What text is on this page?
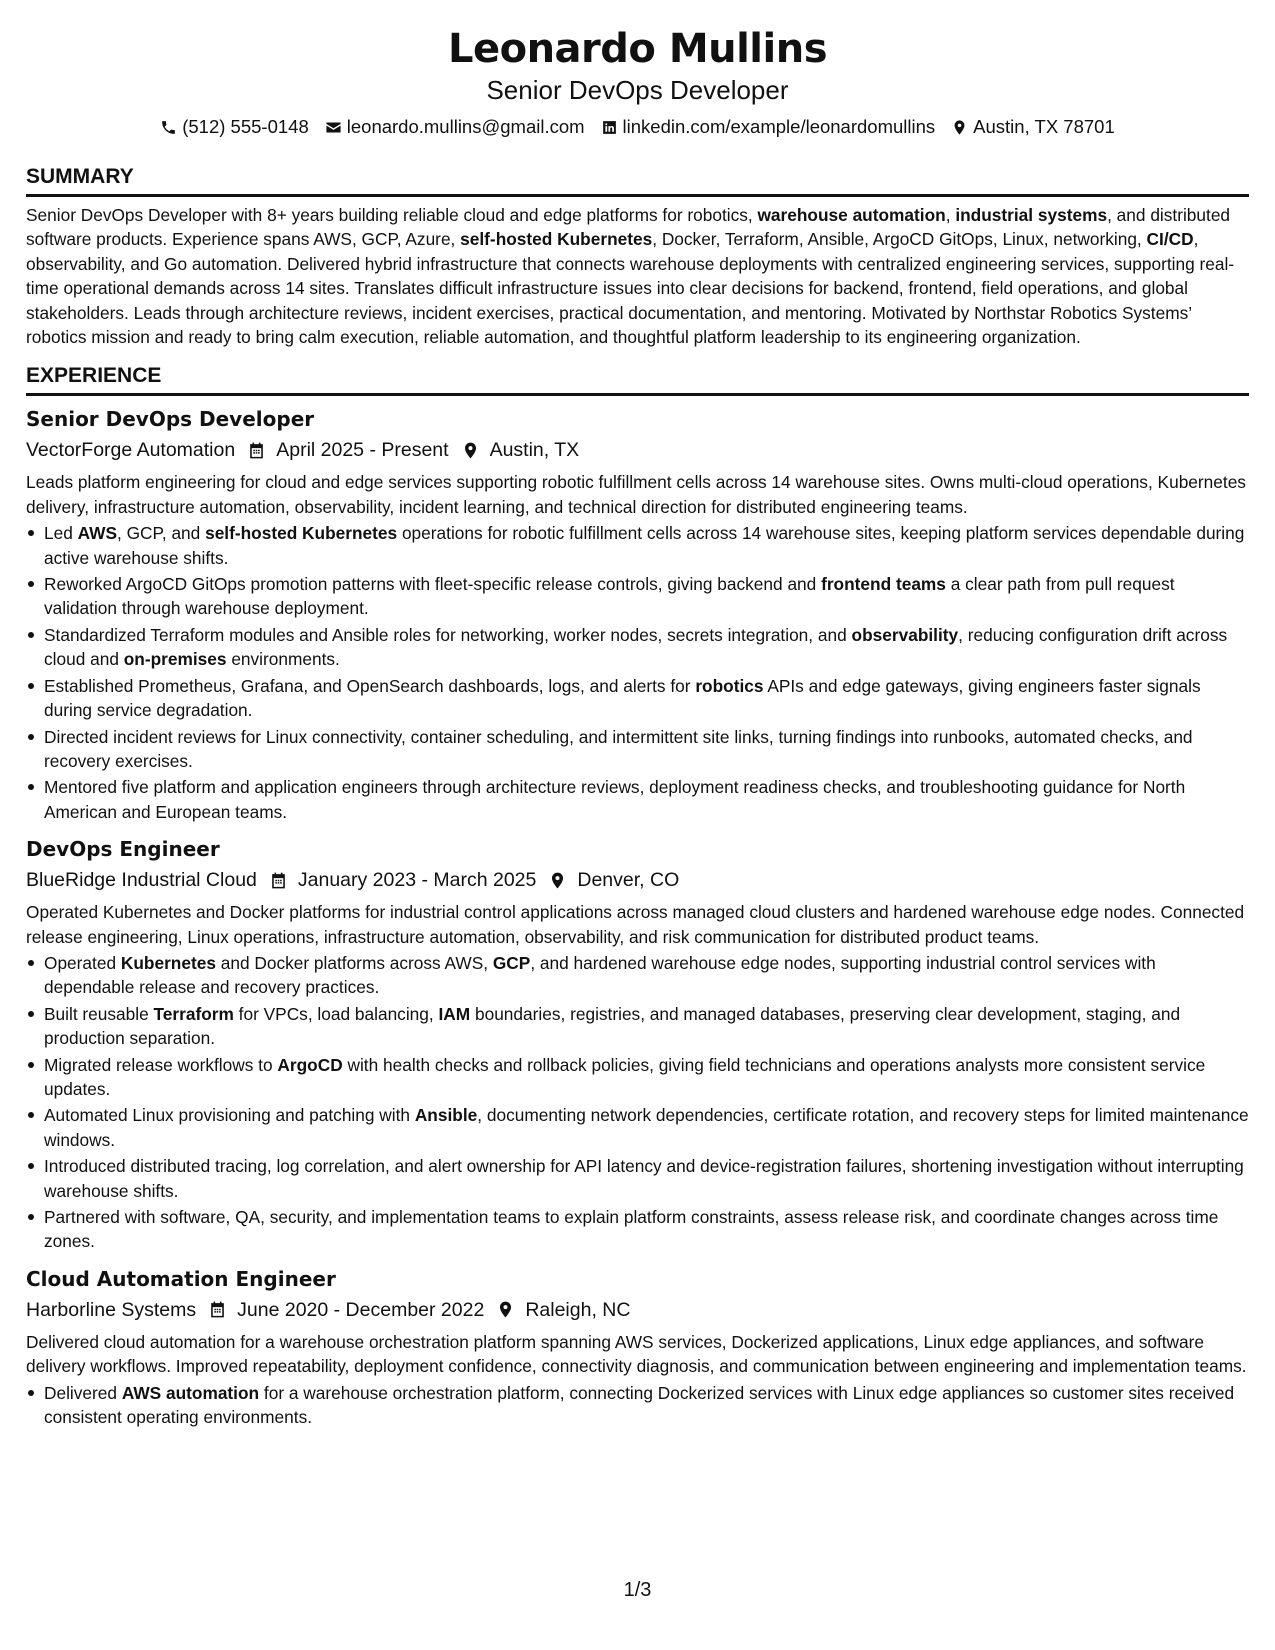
Leonardo Mullins
Senior DevOps Developer
(512) 555-0148 leonardo.mullins@gmail.com linkedin.com/example/leonardomullins Austin, TX 78701
SUMMARY

Senior DevOps Developer with 8+ years building reliable cloud and edge platforms for robotics, warehouse automation, industrial systems, and distributed software products. Experience spans AWS, GCP, Azure, self-hosted Kubernetes, Docker, Terraform, Ansible, ArgoCD GitOps, Linux, networking, CI/CD, observability, and Go automation. Delivered hybrid infrastructure that connects warehouse deployments with centralized engineering services, supporting real-time operational demands across 14 sites. Translates difficult infrastructure issues into clear decisions for backend, frontend, field operations, and global stakeholders. Leads through architecture reviews, incident exercises, practical documentation, and mentoring. Motivated by Northstar Robotics Systems’ robotics mission and ready to bring calm execution, reliable automation, and thoughtful platform leadership to its engineering organization.

EXPERIENCE
Senior DevOps Developer
VectorForge Automation April 2025 - Present Austin, TX

Leads platform engineering for cloud and edge services supporting robotic fulfillment cells across 14 warehouse sites. Owns multi-cloud operations, Kubernetes delivery, infrastructure automation, observability, incident learning, and technical direction for distributed engineering teams.

Led AWS, GCP, and self-hosted Kubernetes operations for robotic fulfillment cells across 14 warehouse sites, keeping platform services dependable during active warehouse shifts.
Reworked ArgoCD GitOps promotion patterns with fleet-specific release controls, giving backend and frontend teams a clear path from pull request validation through warehouse deployment.
Standardized Terraform modules and Ansible roles for networking, worker nodes, secrets integration, and observability, reducing configuration drift across cloud and on-premises environments.
Established Prometheus, Grafana, and OpenSearch dashboards, logs, and alerts for robotics APIs and edge gateways, giving engineers faster signals during service degradation.
Directed incident reviews for Linux connectivity, container scheduling, and intermittent site links, turning findings into runbooks, automated checks, and recovery exercises.
Mentored five platform and application engineers through architecture reviews, deployment readiness checks, and troubleshooting guidance for North American and European teams.
DevOps Engineer
BlueRidge Industrial Cloud January 2023 - March 2025 Denver, CO

Operated Kubernetes and Docker platforms for industrial control applications across managed cloud clusters and hardened warehouse edge nodes. Connected release engineering, Linux operations, infrastructure automation, observability, and risk communication for distributed product teams.

Operated Kubernetes and Docker platforms across AWS, GCP, and hardened warehouse edge nodes, supporting industrial control services with dependable release and recovery practices.
Built reusable Terraform for VPCs, load balancing, IAM boundaries, registries, and managed databases, preserving clear development, staging, and production separation.
Migrated release workflows to ArgoCD with health checks and rollback policies, giving field technicians and operations analysts more consistent service updates.
Automated Linux provisioning and patching with Ansible, documenting network dependencies, certificate rotation, and recovery steps for limited maintenance windows.
Introduced distributed tracing, log correlation, and alert ownership for API latency and device-registration failures, shortening investigation without interrupting warehouse shifts.
Partnered with software, QA, security, and implementation teams to explain platform constraints, assess release risk, and coordinate changes across time zones.
Cloud Automation Engineer
Harborline Systems June 2020 - December 2022 Raleigh, NC

Delivered cloud automation for a warehouse orchestration platform spanning AWS services, Dockerized applications, Linux edge appliances, and software delivery workflows. Improved repeatability, deployment confidence, connectivity diagnosis, and communication between engineering and implementation teams.

Delivered AWS automation for a warehouse orchestration platform, connecting Dockerized services with Linux edge appliances so customer sites received consistent operating environments.
1/3
